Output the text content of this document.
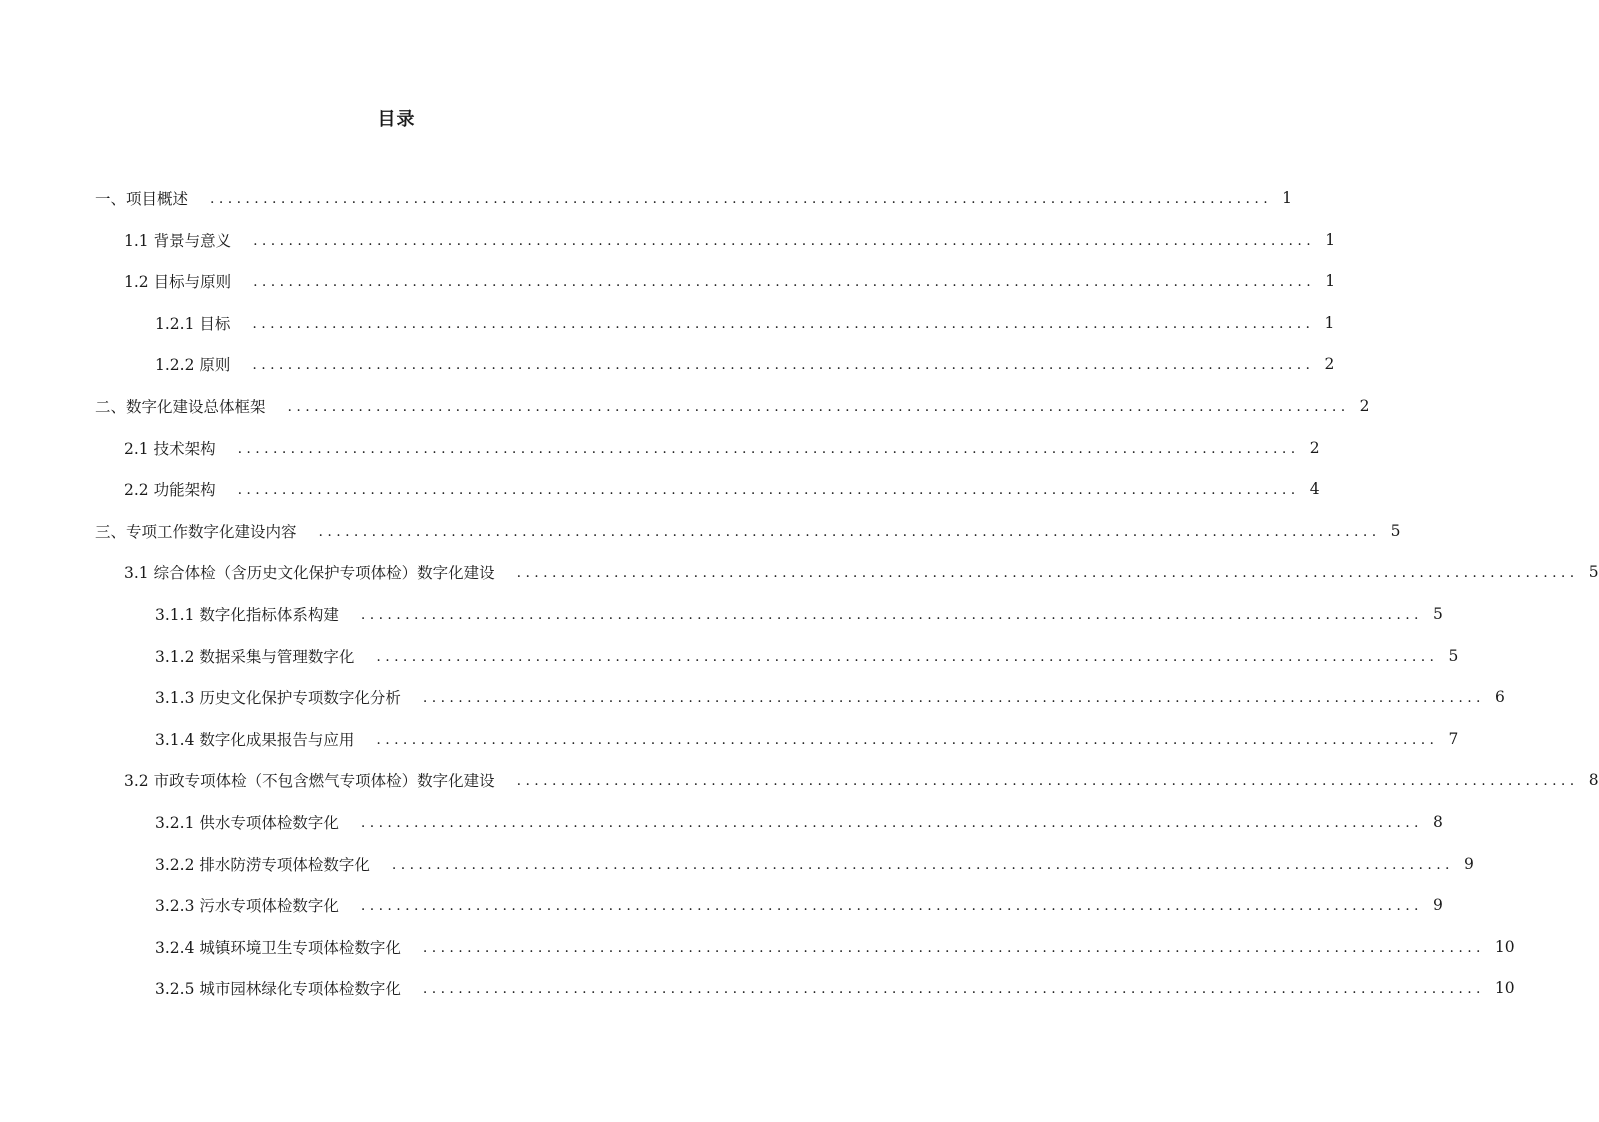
目录
一、项目概述 ........................................................................................................................ 1
1.1 背景与意义 ........................................................................................................................ 1
1.2 目标与原则 ........................................................................................................................ 1
1.2.1 目标 ........................................................................................................................ 1
1.2.2 原则 ........................................................................................................................ 2
二、数字化建设总体框架 ........................................................................................................................ 2
2.1 技术架构 ........................................................................................................................ 2
2.2 功能架构 ........................................................................................................................ 4
三、专项工作数字化建设内容 ........................................................................................................................ 5
3.1 综合体检（含历史文化保护专项体检）数字化建设 ........................................................................................................................ 5
3.1.1 数字化指标体系构建 ........................................................................................................................ 5
3.1.2 数据采集与管理数字化 ........................................................................................................................ 5
3.1.3 历史文化保护专项数字化分析 ........................................................................................................................ 6
3.1.4 数字化成果报告与应用 ........................................................................................................................ 7
3.2 市政专项体检（不包含燃气专项体检）数字化建设 ........................................................................................................................ 8
3.2.1 供水专项体检数字化 ........................................................................................................................ 8
3.2.2 排水防涝专项体检数字化 ........................................................................................................................ 9
3.2.3 污水专项体检数字化 ........................................................................................................................ 9
3.2.4 城镇环境卫生专项体检数字化 ........................................................................................................................ 10
3.2.5 城市园林绿化专项体检数字化 ........................................................................................................................ 10
